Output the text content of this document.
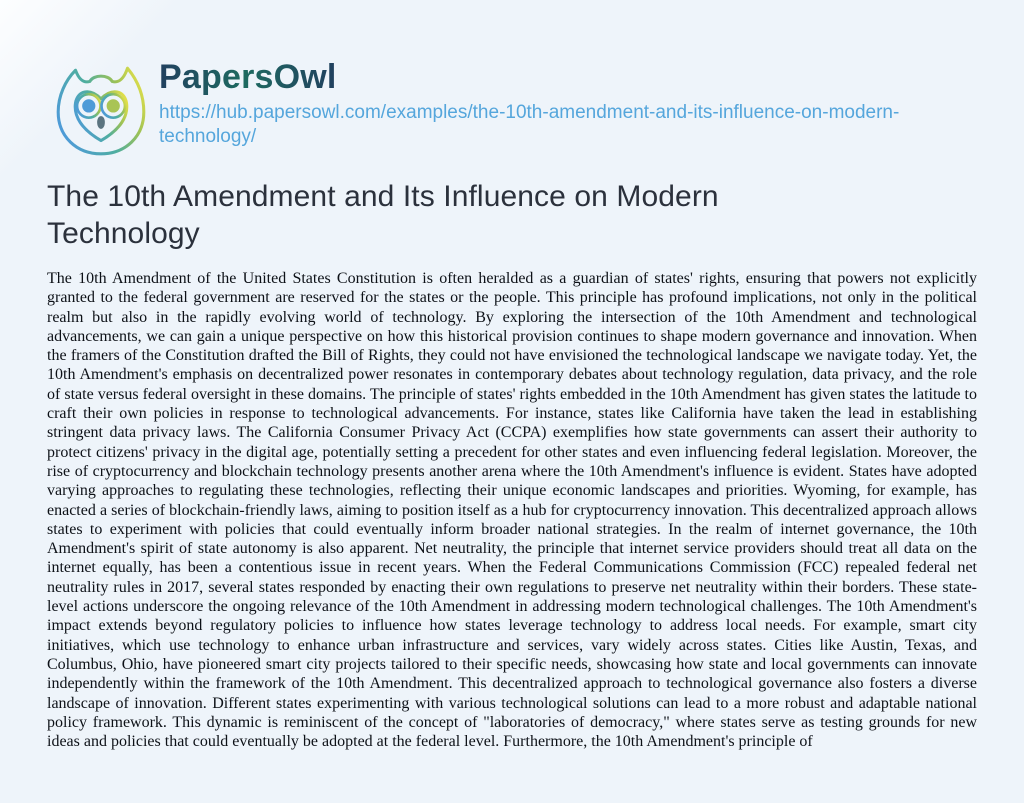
PapersOwl
https://hub.papersowl.com/examples/the-10th-amendment-and-its-influence-on-modern-technology/
The 10th Amendment and Its Influence on Modern Technology

The 10th Amendment of the United States Constitution is often heralded as a guardian of states' rights, ensuring that powers not explicitly granted to the federal government are reserved for the states or the people. This principle has profound implications, not only in the political realm but also in the rapidly evolving world of technology. By exploring the intersection of the 10th Amendment and technological advancements, we can gain a unique perspective on how this historical provision continues to shape modern governance and innovation. When the framers of the Constitution drafted the Bill of Rights, they could not have envisioned the technological landscape we navigate today. Yet, the 10th Amendment's emphasis on decentralized power resonates in contemporary debates about technology regulation, data privacy, and the role of state versus federal oversight in these domains. The principle of states' rights embedded in the 10th Amendment has given states the latitude to craft their own policies in response to technological advancements. For instance, states like California have taken the lead in establishing stringent data privacy laws. The California Consumer Privacy Act (CCPA) exemplifies how state governments can assert their authority to protect citizens' privacy in the digital age, potentially setting a precedent for other states and even influencing federal legislation. Moreover, the rise of cryptocurrency and blockchain technology presents another arena where the 10th Amendment's influence is evident. States have adopted varying approaches to regulating these technologies, reflecting their unique economic landscapes and priorities. Wyoming, for example, has enacted a series of blockchain-friendly laws, aiming to position itself as a hub for cryptocurrency innovation. This decentralized approach allows states to experiment with policies that could eventually inform broader national strategies. In the realm of internet governance, the 10th Amendment's spirit of state autonomy is also apparent. Net neutrality, the principle that internet service providers should treat all data on the internet equally, has been a contentious issue in recent years. When the Federal Communications Commission (FCC) repealed federal net neutrality rules in 2017, several states responded by enacting their own regulations to preserve net neutrality within their borders. These state-level actions underscore the ongoing relevance of the 10th Amendment in addressing modern technological challenges. The 10th Amendment's impact extends beyond regulatory policies to influence how states leverage technology to address local needs. For example, smart city initiatives, which use technology to enhance urban infrastructure and services, vary widely across states. Cities like Austin, Texas, and Columbus, Ohio, have pioneered smart city projects tailored to their specific needs, showcasing how state and local governments can innovate independently within the framework of the 10th Amendment. This decentralized approach to technological governance also fosters a diverse landscape of innovation. Different states experimenting with various technological solutions can lead to a more robust and adaptable national policy framework. This dynamic is reminiscent of the concept of "laboratories of democracy," where states serve as testing grounds for new ideas and policies that could eventually be adopted at the federal level. Furthermore, the 10th Amendment's principle of
